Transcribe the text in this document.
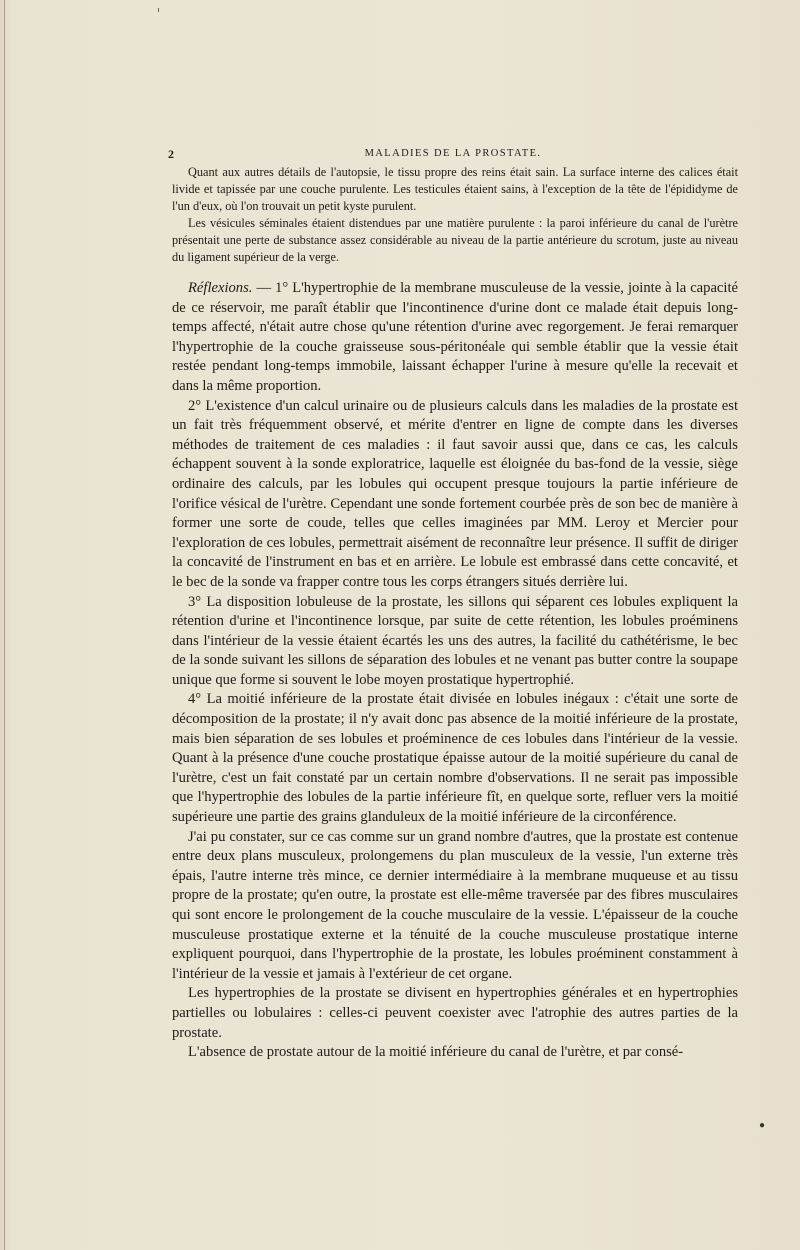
2	MALADIES DE LA PROSTATE.

Quant aux autres détails de l'autopsie, le tissu propre des reins était sain. La surface interne des calices était livide et tapissée par une couche purulente. Les testicules étaient sains, à l'exception de la tête de l'épididyme de l'un d'eux, où l'on trouvait un petit kyste purulent.

Les vésicules séminales étaient distendues par une matière purulente : la paroi inférieure du canal de l'urètre présentait une perte de substance assez considérable au niveau de la partie antérieure du scrotum, juste au niveau du ligament supérieur de la verge.

Réflexions. — 1° L'hypertrophie de la membrane musculeuse de la vessie, jointe à la capacité de ce réservoir, me paraît établir que l'incontinence d'urine dont ce malade était depuis long-temps affecté, n'était autre chose qu'une rétention d'urine avec regorgement. Je ferai remarquer l'hypertrophie de la couche graisseuse sous-péritonéale qui semble établir que la vessie était restée pendant long-temps immobile, laissant échapper l'urine à mesure qu'elle la recevait et dans la même proportion.

2° L'existence d'un calcul urinaire ou de plusieurs calculs dans les maladies de la prostate est un fait très fréquemment observé, et mérite d'entrer en ligne de compte dans les diverses méthodes de traitement de ces maladies : il faut savoir aussi que, dans ce cas, les calculs échappent souvent à la sonde exploratrice, laquelle est éloignée du bas-fond de la vessie, siège ordinaire des calculs, par les lobules qui occupent presque toujours la partie inférieure de l'orifice vésical de l'urètre. Cependant une sonde fortement courbée près de son bec de manière à former une sorte de coude, telles que celles imaginées par MM. Leroy et Mercier pour l'exploration de ces lobules, permettrait aisément de reconnaître leur présence. Il suffit de diriger la concavité de l'instrument en bas et en arrière. Le lobule est embrassé dans cette concavité, et le bec de la sonde va frapper contre tous les corps étrangers situés derrière lui.

3° La disposition lobuleuse de la prostate, les sillons qui séparent ces lobules expliquent la rétention d'urine et l'incontinence lorsque, par suite de cette rétention, les lobules proéminens dans l'intérieur de la vessie étaient écartés les uns des autres, la facilité du cathétérisme, le bec de la sonde suivant les sillons de séparation des lobules et ne venant pas butter contre la soupape unique que forme si souvent le lobe moyen prostatique hypertrophié.

4° La moitié inférieure de la prostate était divisée en lobules inégaux : c'était une sorte de décomposition de la prostate; il n'y avait donc pas absence de la moitié inférieure de la prostate, mais bien séparation de ses lobules et proéminence de ces lobules dans l'intérieur de la vessie. Quant à la présence d'une couche prostatique épaisse autour de la moitié supérieure du canal de l'urètre, c'est un fait constaté par un certain nombre d'observations. Il ne serait pas impossible que l'hypertrophie des lobules de la partie inférieure fît, en quelque sorte, refluer vers la moitié supérieure une partie des grains glanduleux de la moitié inférieure de la circonférence.

J'ai pu constater, sur ce cas comme sur un grand nombre d'autres, que la prostate est contenue entre deux plans musculeux, prolongemens du plan musculeux de la vessie, l'un externe très épais, l'autre interne très mince, ce dernier intermédiaire à la membrane muqueuse et au tissu propre de la prostate; qu'en outre, la prostate est elle-même traversée par des fibres musculaires qui sont encore le prolongement de la couche musculaire de la vessie. L'épaisseur de la couche musculeuse prostatique externe et la ténuité de la couche musculeuse prostatique interne expliquent pourquoi, dans l'hypertrophie de la prostate, les lobules proéminent constamment à l'intérieur de la vessie et jamais à l'extérieur de cet organe.

Les hypertrophies de la prostate se divisent en hypertrophies générales et en hypertrophies partielles ou lobulaires : celles-ci peuvent coexister avec l'atrophie des autres parties de la prostate.

L'absence de prostate autour de la moitié inférieure du canal de l'urètre, et par consé-

●
